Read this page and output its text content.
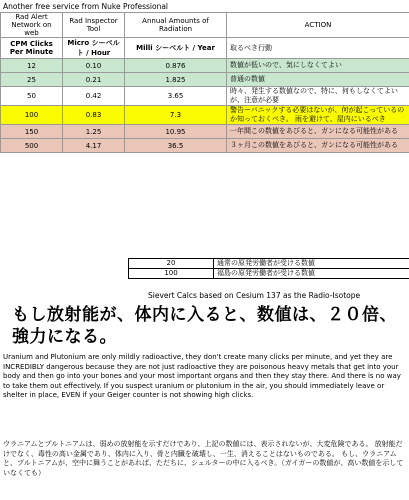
Another free service from Nuke Professional
Rad Alert Network on web	Rad Inspector Tool	Annual Amounts of Radiation	ACTION
CPM Clicks Per Minute	Micro シーベルト / Hour	Milli シーベルト / Year	取るべき行動
12	0.10	0.876	数値が低いので、気にしなくてよい
25	0.21	1.825	普通の数値
50	0.42	3.65	時々、発生する数値なので、特に、何もしなくてよいが、注意が必要
100	0.83	7.3	警告ーパニックする必要はないが、何が起こっているのか知っておくべき。 雨を避けて、屋内にいるべき
150	1.25	10.95	一年間この数値をあびると、ガンになる可能性がある
500	4.17	36.5	３ヶ月この数値をあびると、ガンになる可能性がある
20	通常の原発労働者が受ける数値
100	福島の原発労働者が受ける数値
Sievert Calcs based on Cesium 137 as the Radio-Isotope
もし放射能が、体内に入ると、数値は、２０倍、強力になる。
Uranium and Plutonium are only mildly radioactive, they don't create many clicks per minute, and yet they are INCREDIBLY dangerous because they are not just radioactive they are poisonous heavy metals that get into your body and then go into your bones and your most important organs and then they stay there. And there is no way to take them out effectively. If you suspect uranium or plutonium in the air, you should immediately leave or shelter in place, EVEN if your Geiger counter is not showing high clicks.
ウラニアムとプルトニアムは、弱めの放射能を示すだけであり、上記の数値には、表示されないが、大変危険である。 放射能だけでなく、毒性の高い金属であり、体内に入り、骨と内臓を破壊し、一生、消えることはないものである。 もし、ウラニアムと、プルトニアムが、空中に舞うことがあれば、ただちに、シェルターの中に入るべき。（ガイガーの数値が、高い数値を示していなくても）
